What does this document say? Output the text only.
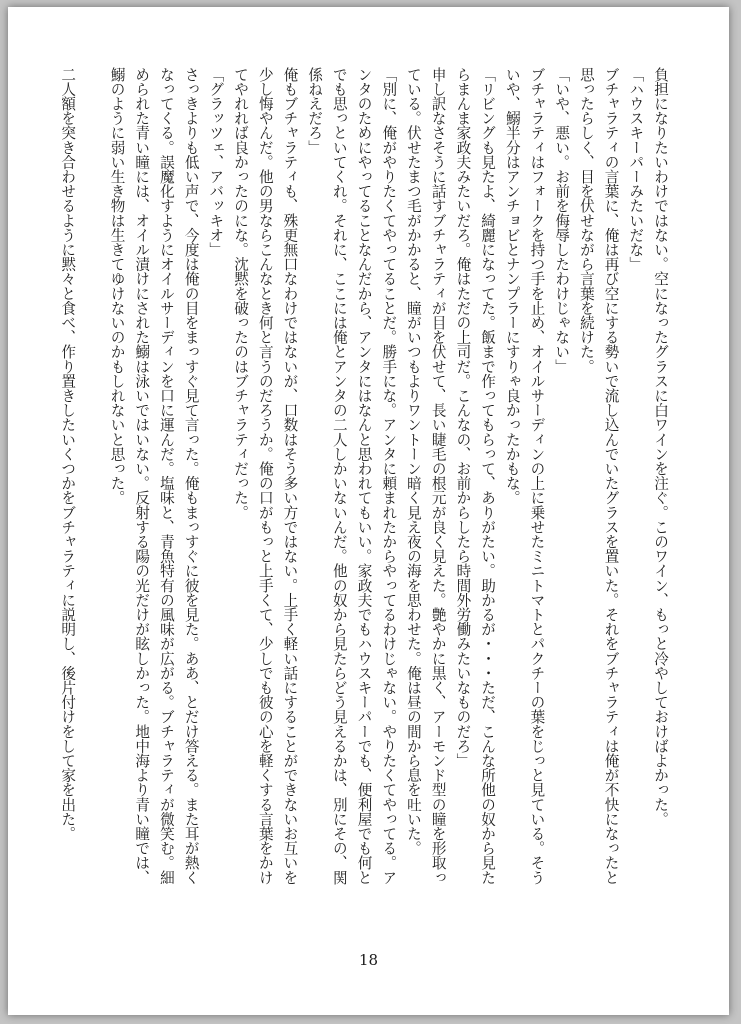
負担になりたいわけではない。空になったグラスに白ワインを注ぐ。このワイン、もっと冷やしておけばよかった。

「ハウスキーパーみたいだな」

ブチャラティの言葉に、俺は再び空にする勢いで流し込んでいたグラスを置いた。それをブチャラティは俺が不快になったと

思ったらしく、目を伏せながら言葉を続けた。

「いや、悪い。お前を侮辱したわけじゃない」

ブチャラティはフォークを持つ手を止め、オイルサーディンの上に乗せたミニトマトとパクチーの葉をじっと見ている。そう

いや、鰯半分はアンチョビとナンプラーにすりゃ良かったかもな。

「リビングも見たよ、綺麗になってた。飯まで作ってもらって、ありがたい。助かるが・・・ただ、こんな所他の奴から見た

らまんま家政夫みたいだろ。俺はただの上司だ。こんなの、お前からしたら時間外労働みたいなものだろ」

申し訳なさそうに話すブチャラティが目を伏せて、長い睫毛の根元が良く見えた。艶やかに黒く、アーモンド型の瞳を形取っ

ている。伏せたまつ毛がかかると、瞳がいつもよりワントーン暗く見え夜の海を思わせた。俺は昼の間から息を吐いた。

「別に、俺がやりたくてやってることだ。勝手にな。アンタに頼まれたからやってるわけじゃない。やりたくてやってる。ア

ンタのためにやってることなんだから、アンタにはなんと思われてもいい。家政夫でもハウスキーパーでも、便利屋でも何と

でも思っといてくれ。それに、ここには俺とアンタの二人しかいないんだ。他の奴から見たらどう見えるかは、別にその、関

係ねえだろ」

俺もブチャラティも、殊更無口なわけではないが、口数はそう多い方ではない。上手く軽い話にすることができないお互いを

少し悔やんだ。他の男ならこんなとき何と言うのだろうか。俺の口がもっと上手くて、少しでも彼の心を軽くする言葉をかけ

てやれれば良かったのにな。沈黙を破ったのはブチャラティだった。

「グラッツェ、アバッキオ」

さっきよりも低い声で、今度は俺の目をまっすぐ見て言った。俺もまっすぐに彼を見た。ああ、とだけ答える。また耳が熱く

なってくる。誤魔化すようにオイルサーディンを口に運んだ。塩味と、青魚特有の風味が広がる。ブチャラティが微笑む。細

められた青い瞳には、オイル漬けにされた鰯は泳いではいない。反射する陽の光だけが眩しかった。地中海より青い瞳では、

鰯のように弱い生き物は生きてゆけないのかもしれないと思った。

二人額を突き合わせるように黙々と食べ、作り置きしたいくつかをブチャラティに説明し、後片付けをして家を出た。

18
